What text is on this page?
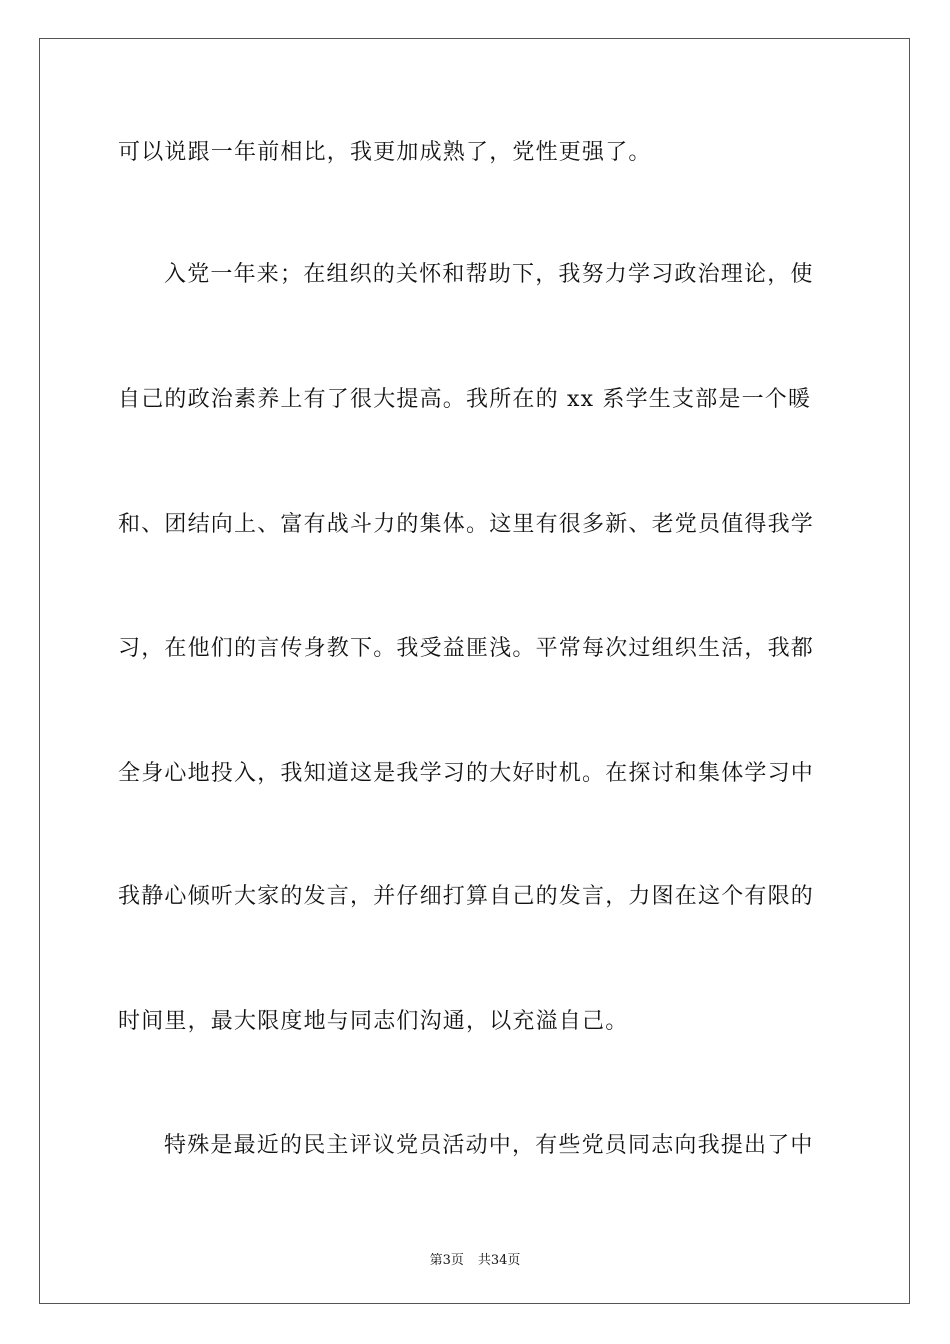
可以说跟一年前相比，我更加成熟了，党性更强了。
入党一年来；在组织的关怀和帮助下，我努力学习政治理论，使
自己的政治素养上有了很大提高。我所在的 xx 系学生支部是一个暖
和、团结向上、富有战斗力的集体。这里有很多新、老党员值得我学
习，在他们的言传身教下。我受益匪浅。平常每次过组织生活，我都
全身心地投入，我知道这是我学习的大好时机。在探讨和集体学习中
我静心倾听大家的发言，并仔细打算自己的发言，力图在这个有限的
时间里，最大限度地与同志们沟通，以充溢自己。
特殊是最近的民主评议党员活动中，有些党员同志向我提出了中
第3页 共34页
